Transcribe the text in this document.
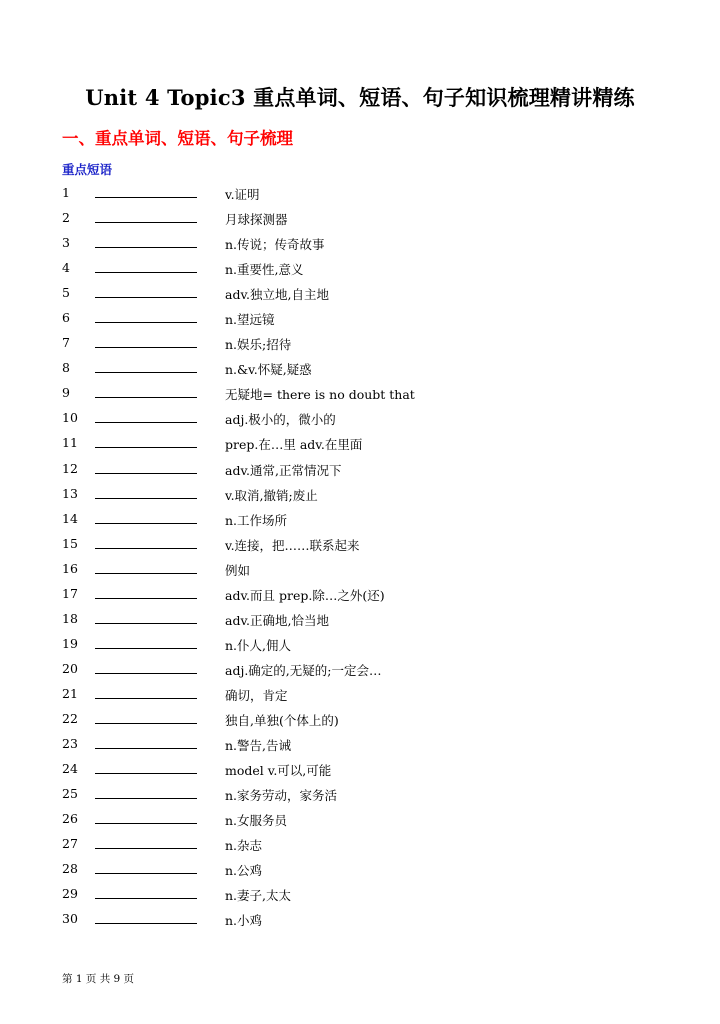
Unit 4 Topic3 重点单词、短语、句子知识梳理精讲精练
一、重点单词、短语、句子梳理
重点短语
1	v.证明
2	月球探测器
3	n.传说；传奇故事
4	n.重要性,意义
5	adv.独立地,自主地
6	n.望远镜
7	n.娱乐;招待
8	n.&v.怀疑,疑惑
9	无疑地= there is no doubt that
10	adj.极小的，微小的
11	prep.在…里 adv.在里面
12	adv.通常,正常情况下
13	v.取消,撤销;废止
14	n.工作场所
15	v.连接，把……联系起来
16	例如
17	adv.而且 prep.除…之外(还)
18	adv.正确地,恰当地
19	n.仆人,佣人
20	adj.确定的,无疑的;一定会…
21	确切，肯定
22	独自,单独(个体上的)
23	n.警告,告诫
24	model v.可以,可能
25	n.家务劳动，家务活
26	n.女服务员
27	n.杂志
28	n.公鸡
29	n.妻子,太太
30	n.小鸡
第 1 页 共 9 页
